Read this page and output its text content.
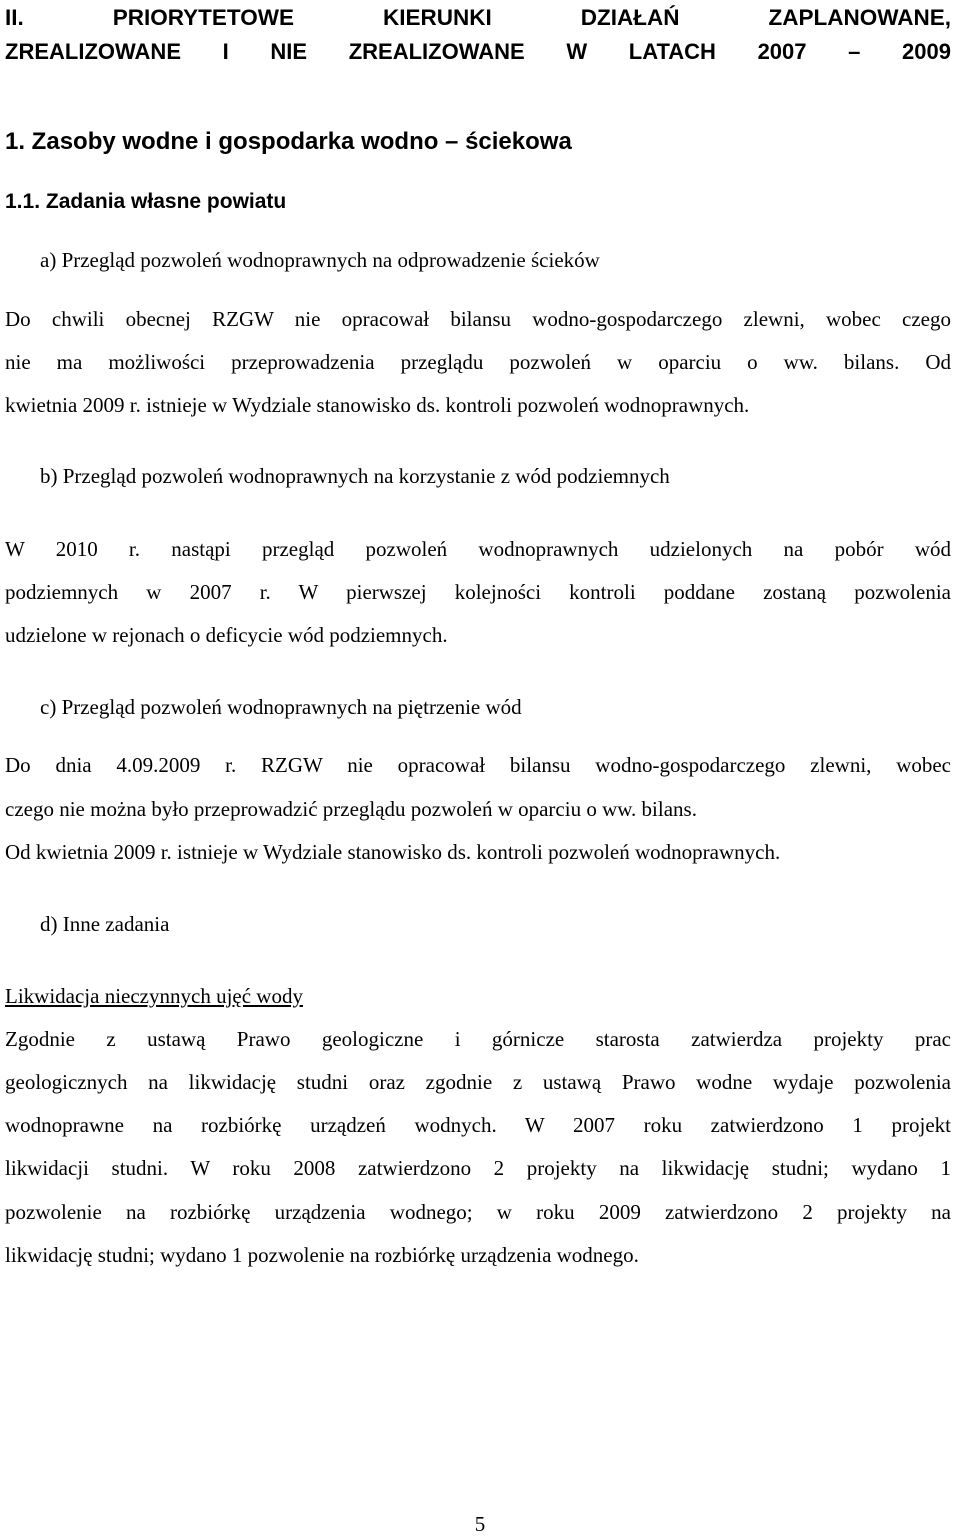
II. PRIORYTETOWE KIERUNKI DZIAŁAŃ ZAPLANOWANE,

ZREALIZOWANE I NIE ZREALIZOWANE W LATACH 2007 – 2009

1. Zasoby wodne i gospodarka wodno – ściekowa

1.1. Zadania własne powiatu

a) Przegląd pozwoleń wodnoprawnych na odprowadzenie ścieków

Do chwili obecnej RZGW nie opracował bilansu wodno-gospodarczego zlewni, wobec czego

nie ma możliwości przeprowadzenia przeglądu pozwoleń w oparciu o ww. bilans. Od

kwietnia 2009 r. istnieje w Wydziale stanowisko ds. kontroli pozwoleń wodnoprawnych.

b) Przegląd pozwoleń wodnoprawnych na korzystanie z wód podziemnych

W 2010 r. nastąpi przegląd pozwoleń wodnoprawnych udzielonych na pobór wód

podziemnych w 2007 r. W pierwszej kolejności kontroli poddane zostaną pozwolenia

udzielone w rejonach o deficycie wód podziemnych.

c) Przegląd pozwoleń wodnoprawnych na piętrzenie wód

Do dnia 4.09.2009 r. RZGW nie opracował bilansu wodno-gospodarczego zlewni, wobec

czego nie można było przeprowadzić przeglądu pozwoleń w oparciu o ww. bilans.

Od kwietnia 2009 r. istnieje w Wydziale stanowisko ds. kontroli pozwoleń wodnoprawnych.

d) Inne zadania

Likwidacja nieczynnych ujęć wody

Zgodnie z ustawą Prawo geologiczne i górnicze starosta zatwierdza projekty prac

geologicznych na likwidację studni oraz zgodnie z ustawą Prawo wodne wydaje pozwolenia

wodnoprawne na rozbiórkę urządzeń wodnych. W 2007 roku zatwierdzono 1 projekt

likwidacji studni. W roku 2008 zatwierdzono 2 projekty na likwidację studni; wydano 1

pozwolenie na rozbiórkę urządzenia wodnego; w roku 2009 zatwierdzono 2 projekty na

likwidację studni; wydano 1 pozwolenie na rozbiórkę urządzenia wodnego.

5
